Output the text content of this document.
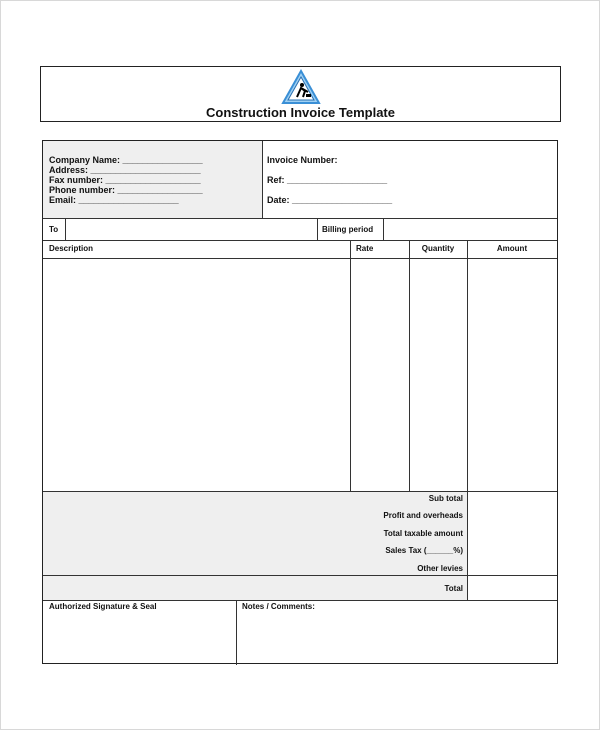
Construction Invoice Template
Company Name: ________________
Address: ______________________
Fax number: ___________________
Phone number: _________________
Email: ____________________
Invoice Number:
Ref: ____________________
Date: ____________________
To	Billing period
Description	Rate	Quantity	Amount
Sub total
Profit and overheads
Total taxable amount
Sales Tax (______%)
Other levies
Total
Authorized Signature & Seal	Notes / Comments:
